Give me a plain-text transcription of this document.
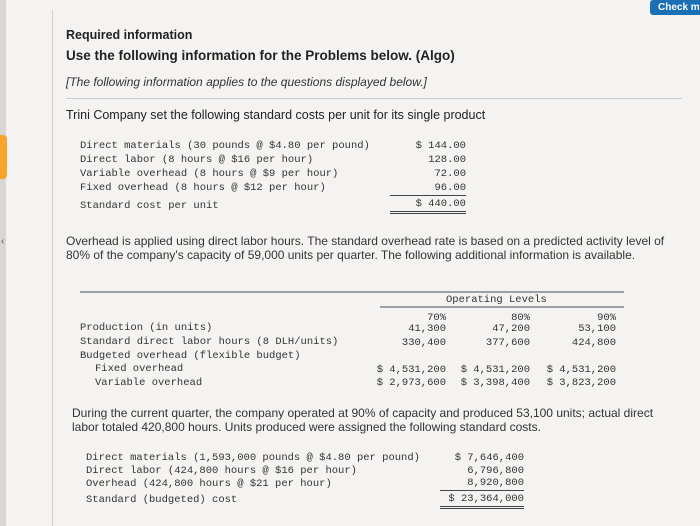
‹
Check m
Required information
Use the following information for the Problems below. (Algo)
[The following information applies to the questions displayed below.]
Trini Company set the following standard costs per unit for its single product
Direct materials (30 pounds @ $4.80 per pound)	$ 144.00
Direct labor (8 hours @ $16 per hour)	128.00
Variable overhead (8 hours @ $9 per hour)	72.00
Fixed overhead (8 hours @ $12 per hour)	96.00
Standard cost per unit	$ 440.00
Overhead is applied using direct labor hours. The standard overhead rate is based on a predicted activity level of 80% of the company's capacity of 59,000 units per quarter. The following additional information is available.
Operating Levels
70%	80%	90%
Production (in units)	41,300	47,200	53,100
Standard direct labor hours (8 DLH/units)	330,400	377,600	424,800
Budgeted overhead (flexible budget)
Fixed overhead	$ 4,531,200	$ 4,531,200	$ 4,531,200
Variable overhead	$ 2,973,600	$ 3,398,400	$ 3,823,200
During the current quarter, the company operated at 90% of capacity and produced 53,100 units; actual direct labor totaled 420,800 hours. Units produced were assigned the following standard costs.
Direct materials (1,593,000 pounds @ $4.80 per pound)	$ 7,646,400
Direct labor (424,800 hours @ $16 per hour)	6,796,800
Overhead (424,800 hours @ $21 per hour)	8,920,800
Standard (budgeted) cost	$ 23,364,000
